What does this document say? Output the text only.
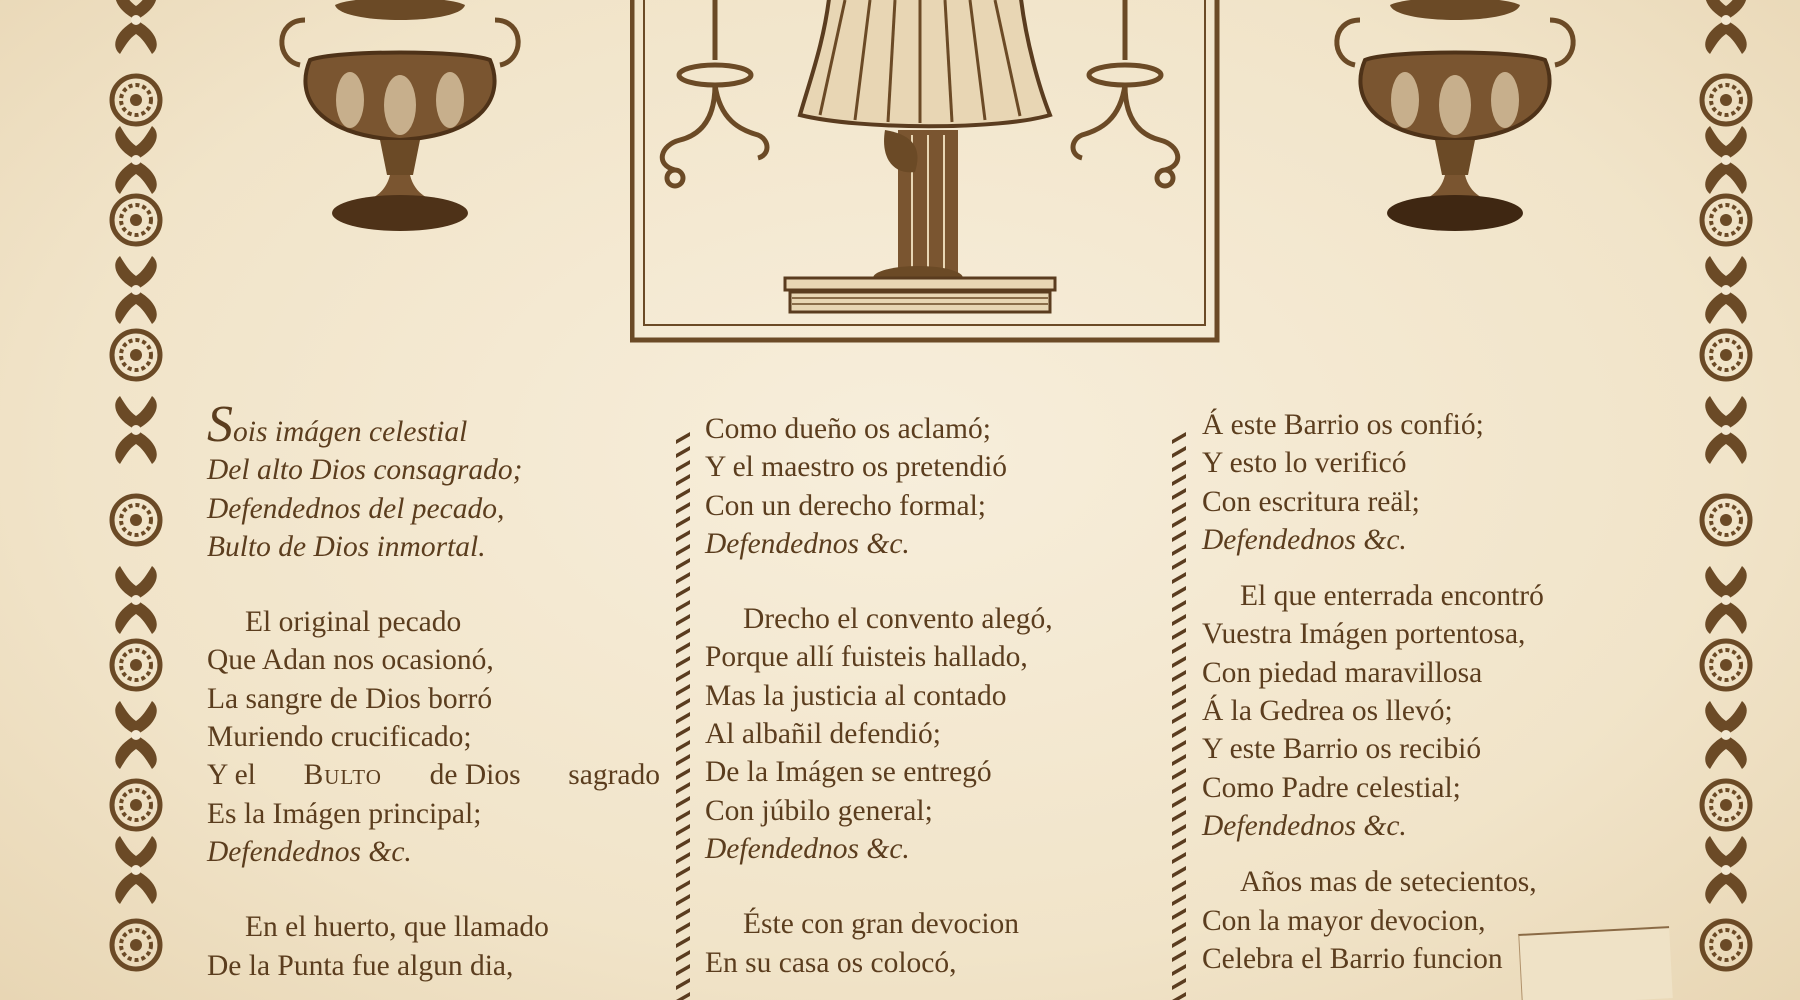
Sois imágen celestial
Del alto Dios consagrado;
Defendednos del pecado,
Bulto de Dios inmortal.
El original pecado
Que Adan nos ocasionó,
La sangre de Dios borró
Muriendo crucificado;
Y el Bulto de Dios sagrado
Es la Imágen principal;
Defendednos &c.
En el huerto, que llamado
De la Punta fue algun dia,
Como dueño os aclamó;
Y el maestro os pretendió
Con un derecho formal;
Defendednos &c.
Drecho el convento alegó,
Porque allí fuisteis hallado,
Mas la justicia al contado
Al albañil defendió;
De la Imágen se entregó
Con júbilo general;
Defendednos &c.
Éste con gran devocion
En su casa os colocó,
Á este Barrio os confió;
Y esto lo verificó
Con escritura reäl;
Defendednos &c.
El que enterrada encontró
Vuestra Imágen portentosa,
Con piedad maravillosa
Á la Gedrea os llevó;
Y este Barrio os recibió
Como Padre celestial;
Defendednos &c.
Años mas de setecientos,
Con la mayor devocion,
Celebra el Barrio funcion
